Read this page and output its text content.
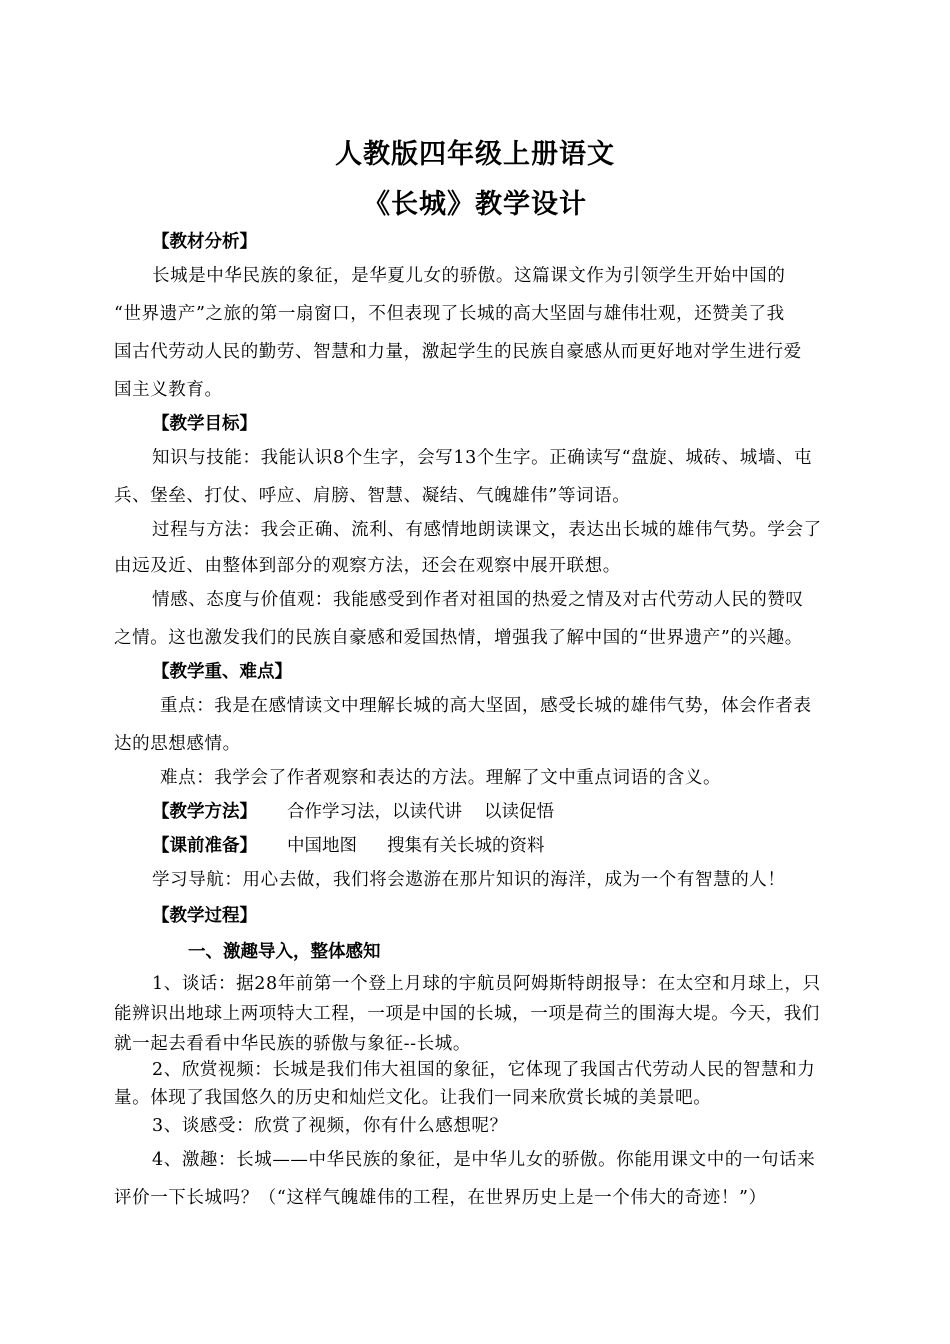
人教版四年级上册语文
《长城》教学设计
【教材分析】
长城是中华民族的象征，是华夏儿女的骄傲。这篇课文作为引领学生开始中国的
“世界遗产”之旅的第一扇窗口，不但表现了长城的高大坚固与雄伟壮观，还赞美了我
国古代劳动人民的勤劳、智慧和力量，激起学生的民族自豪感从而更好地对学生进行爱
国主义教育。
【教学目标】
知识与技能：我能认识8个生字，会写13个生字。正确读写“盘旋、城砖、城墙、屯
兵、堡垒、打仗、呼应、肩膀、智慧、凝结、气魄雄伟”等词语。
过程与方法：我会正确、流利、有感情地朗读课文，表达出长城的雄伟气势。学会了
由远及近、由整体到部分的观察方法，还会在观察中展开联想。
情感、态度与价值观：我能感受到作者对祖国的热爱之情及对古代劳动人民的赞叹
之情。这也激发我们的民族自豪感和爱国热情，增强我了解中国的“世界遗产”的兴趣。
【教学重、难点】
重点：我是在感情读文中理解长城的高大坚固，感受长城的雄伟气势，体会作者表
达的思想感情。
难点：我学会了作者观察和表达的方法。理解了文中重点词语的含义。
【教学方法】 合作学习法，以读代讲 以读促悟
【课前准备】 中国地图 搜集有关长城的资料
学习导航：用心去做，我们将会遨游在那片知识的海洋，成为一个有智慧的人！
【教学过程】
一、激趣导入，整体感知
1、谈话：据28年前第一个登上月球的宇航员阿姆斯特朗报导：在太空和月球上，只
能辨识出地球上两项特大工程，一项是中国的长城，一项是荷兰的围海大堤。今天，我们
就一起去看看中华民族的骄傲与象征--长城。
2、欣赏视频：长城是我们伟大祖国的象征，它体现了我国古代劳动人民的智慧和力
量。体现了我国悠久的历史和灿烂文化。让我们一同来欣赏长城的美景吧。
3、谈感受：欣赏了视频，你有什么感想呢？
4、激趣：长城——中华民族的象征，是中华儿女的骄傲。你能用课文中的一句话来
评价一下长城吗？（“这样气魄雄伟的工程，在世界历史上是一个伟大的奇迹！”）
